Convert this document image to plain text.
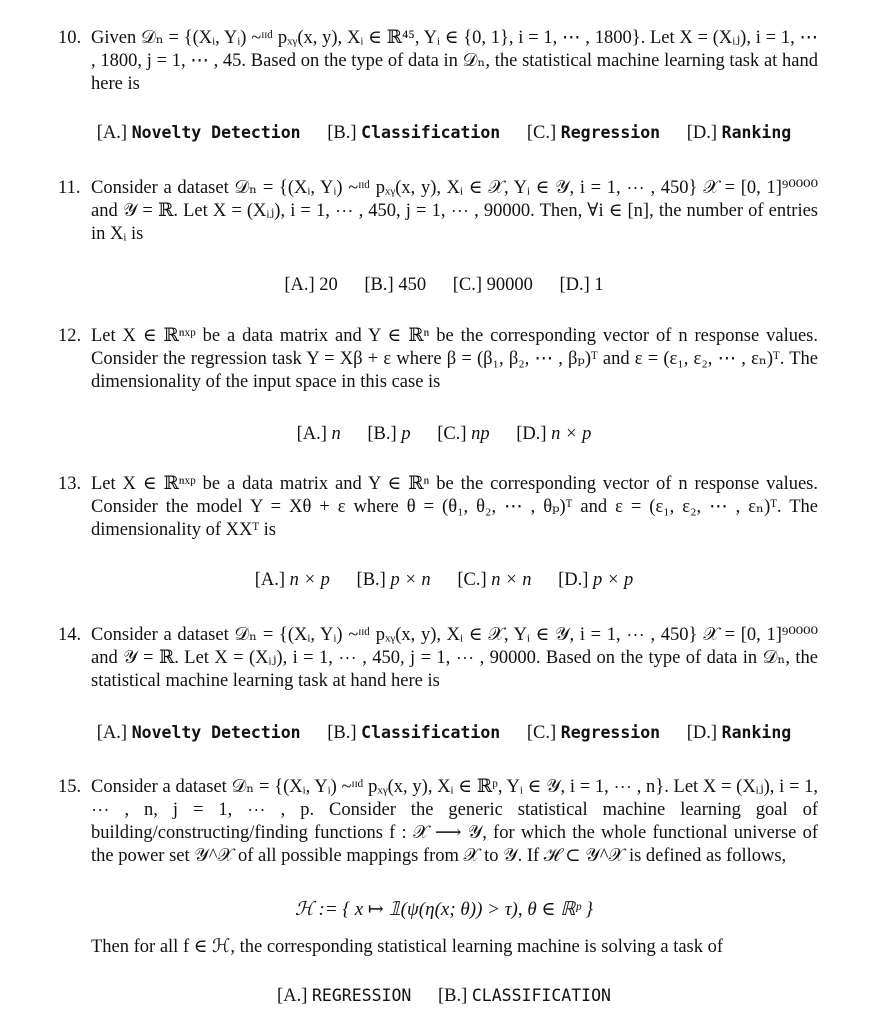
10. Given 𝒟ₙ = {(Xᵢ, Yᵢ) ~ᶦᶦᵈ pₓᵧ(x, y), Xᵢ ∈ ℝ⁴⁵, Yᵢ ∈ {0, 1}, i = 1, ⋯ , 1800}. Let X = (Xᵢⱼ), i = 1, ⋯ , 1800, j = 1, ⋯ , 45. Based on the type of data in 𝒟ₙ, the statistical machine learning task at hand here is
[A.] Novelty Detection [B.] Classification [C.] Regression [D.] Ranking
11. Consider a dataset 𝒟ₙ = {(Xᵢ, Yᵢ) ~ᶦᶦᵈ pₓᵧ(x, y), Xᵢ ∈ 𝒳, Yᵢ ∈ 𝒴, i = 1, ⋯ , 450} 𝒳 = [0, 1]⁹⁰⁰⁰⁰ and 𝒴 = ℝ. Let X = (Xᵢⱼ), i = 1, ⋯ , 450, j = 1, ⋯ , 90000. Then, ∀i ∈ [n], the number of entries in Xᵢ is
[A.] 20 [B.] 450 [C.] 90000 [D.] 1
12. Let X ∈ ℝⁿˣᵖ be a data matrix and Y ∈ ℝⁿ be the corresponding vector of n response values. Consider the regression task Y = Xβ + ε where β = (β₁, β₂, ⋯ , βₚ)ᵀ and ε = (ε₁, ε₂, ⋯ , εₙ)ᵀ. The dimensionality of the input space in this case is
[A.] n [B.] p [C.] np [D.] n × p
13. Let X ∈ ℝⁿˣᵖ be a data matrix and Y ∈ ℝⁿ be the corresponding vector of n response values. Consider the model Y = Xθ + ε where θ = (θ₁, θ₂, ⋯ , θₚ)ᵀ and ε = (ε₁, ε₂, ⋯ , εₙ)ᵀ. The dimensionality of XXᵀ is
[A.] n × p [B.] p × n [C.] n × n [D.] p × p
14. Consider a dataset 𝒟ₙ = {(Xᵢ, Yᵢ) ~ᶦᶦᵈ pₓᵧ(x, y), Xᵢ ∈ 𝒳, Yᵢ ∈ 𝒴, i = 1, ⋯ , 450} 𝒳 = [0, 1]⁹⁰⁰⁰⁰ and 𝒴 = ℝ. Let X = (Xᵢⱼ), i = 1, ⋯ , 450, j = 1, ⋯ , 90000. Based on the type of data in 𝒟ₙ, the statistical machine learning task at hand here is
[A.] Novelty Detection [B.] Classification [C.] Regression [D.] Ranking
15. Consider a dataset 𝒟ₙ = {(Xᵢ, Yᵢ) ~ᶦᶦᵈ pₓᵧ(x, y), Xᵢ ∈ ℝᵖ, Yᵢ ∈ 𝒴, i = 1, ⋯ , n}. Let X = (Xᵢⱼ), i = 1, ⋯ , n, j = 1, ⋯ , p. Consider the generic statistical machine learning goal of building/constructing/finding functions f : 𝒳 ⟶ 𝒴, for which the whole functional universe of the power set 𝒴^𝒳 of all possible mappings from 𝒳 to 𝒴. If ℋ ⊂ 𝒴^𝒳 is defined as follows,
ℋ := { x ↦ 𝟙(ψ(η(x; θ)) > τ), θ ∈ ℝᵖ }
Then for all f ∈ ℋ, the corresponding statistical learning machine is solving a task of
[A.] REGRESSION [B.] CLASSIFICATION
